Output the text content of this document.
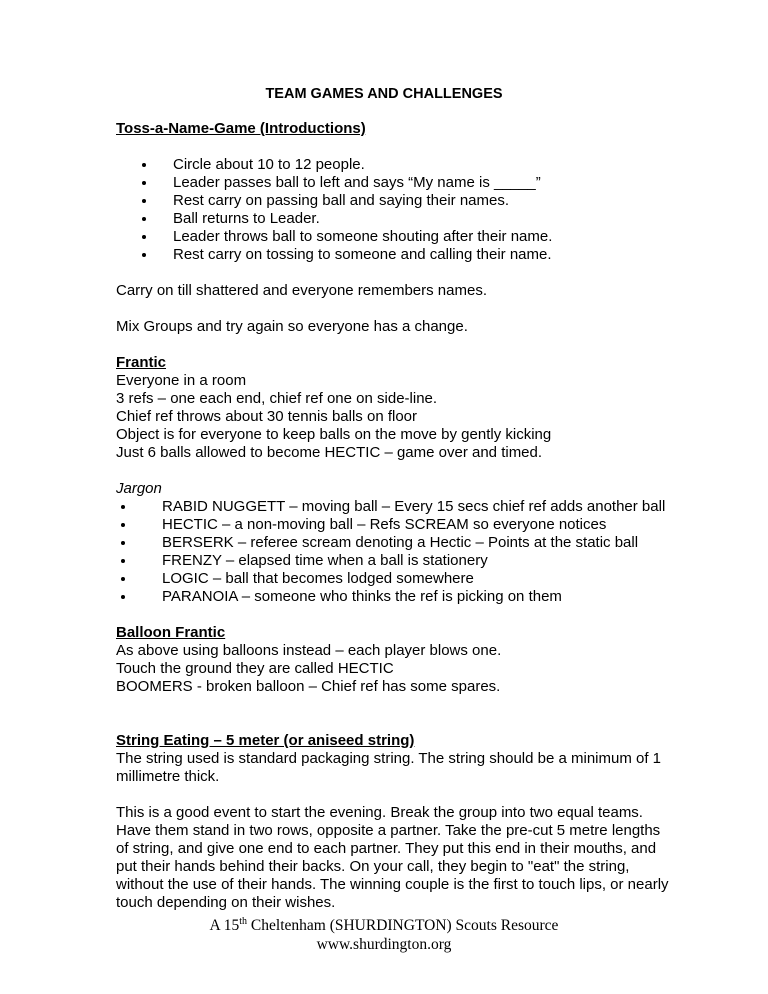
TEAM GAMES AND CHALLENGES
Toss-a-Name-Game (Introductions)
Circle about 10 to 12 people.
Leader passes ball to left and says “My name is _____”
Rest carry on passing ball and saying their names.
Ball returns to Leader.
Leader throws ball to someone shouting after their name.
Rest carry on tossing to someone and calling their name.
Carry on till shattered and everyone remembers names.
Mix Groups and try again so everyone has a change.
Frantic
Everyone in a room
3 refs – one each end, chief ref one on side-line.
Chief ref throws about 30 tennis balls on floor
Object is for everyone to keep balls on the move by gently kicking
Just 6 balls allowed to become HECTIC – game over and timed.
Jargon
RABID NUGGETT – moving ball – Every 15 secs chief ref adds another ball
HECTIC – a non-moving ball – Refs SCREAM so everyone notices
BERSERK – referee scream denoting a Hectic – Points at the static ball
FRENZY – elapsed time when a ball is stationery
LOGIC – ball that becomes lodged somewhere
PARANOIA – someone who thinks the ref is picking on them
Balloon Frantic
As above using balloons instead – each player blows one.
Touch the ground they are called HECTIC
BOOMERS - broken balloon – Chief ref has some spares.
String Eating – 5 meter (or aniseed string)
The string used is standard packaging string. The string should be a minimum of 1 millimetre thick.
This is a good event to start the evening. Break the group into two equal teams. Have them stand in two rows, opposite a partner. Take the pre-cut 5 metre lengths of string, and give one end to each partner. They put this end in their mouths, and put their hands behind their backs. On your call, they begin to "eat" the string, without the use of their hands. The winning couple is the first to touch lips, or nearly touch depending on their wishes.
A 15th Cheltenham (SHURDINGTON) Scouts Resource
www.shurdington.org
